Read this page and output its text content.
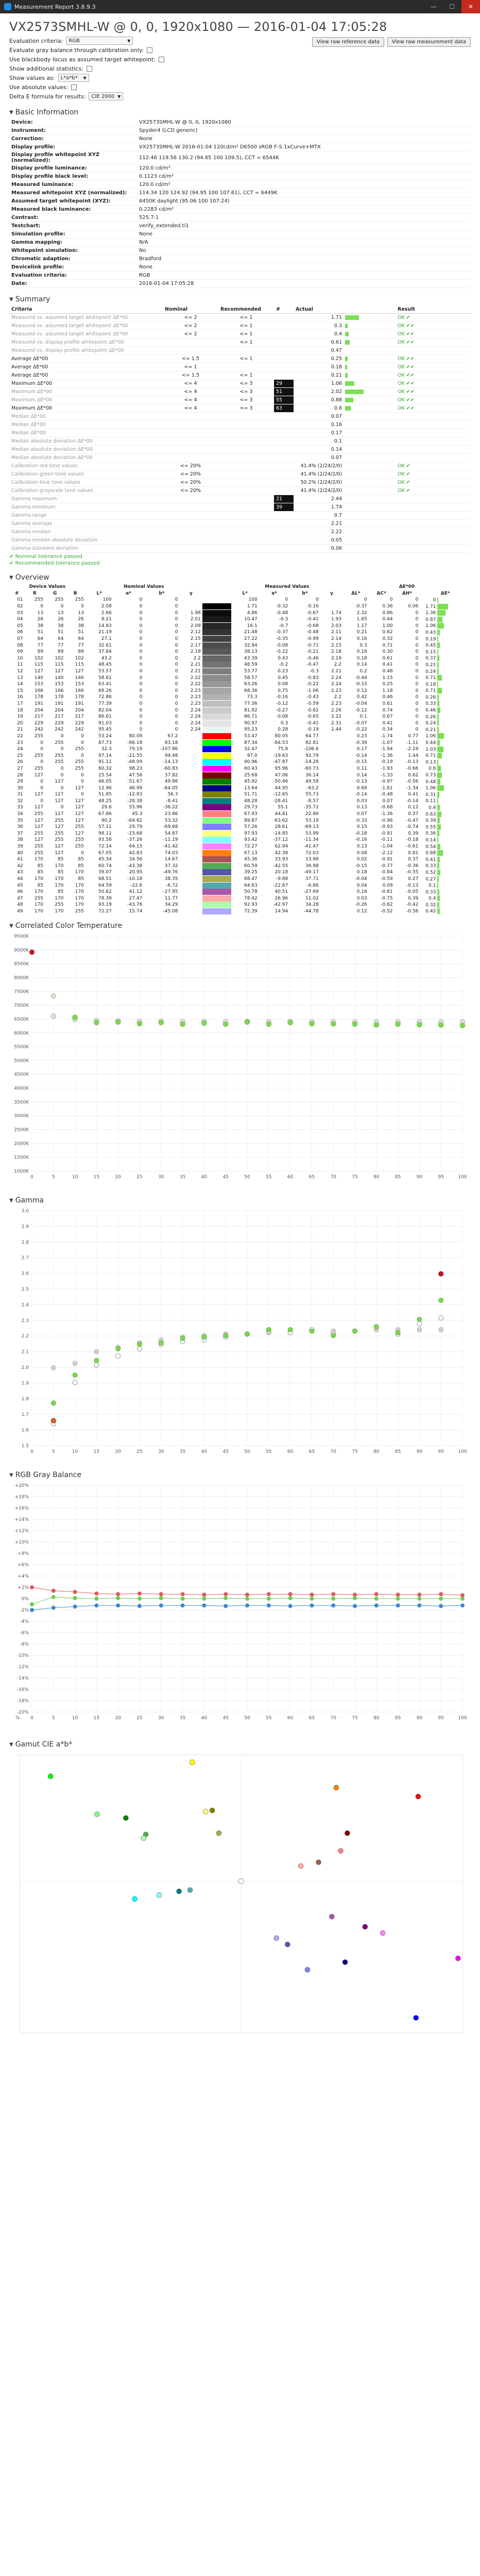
Measurement Report 3.8.9.3	—	☐	✕
VX2573SMHL-W @ 0, 0, 1920x1080 — 2016-01-04 17:05:28
View raw reference data	View raw measurement data
Evaluation criteria: RGB	▼
Evaluate gray balance through calibration only:
Use blackbody locus as assumed target whitepoint:
Show additional statistics:
Show values as: L*a*b* ▼
Use absolute values:
Delta E formula for results: CIE 2000 ▼
▼ Basic Information
Device:	VX2573SMHL-W @ 0, 0, 1920x1080
Instrument:	Spyder4 (LCD generic)
Correction:	None
Display profile:	VX2573SMHL-W 2016-01-04 120cd/m² D6500 sRGB F-S 1xCurve+MTX
Display profile whitepoint XYZ (normalized):	112.46 119.56 130.2 (94.65 100 109.5), CCT = 6544K
Display profile luminance:	120.0 cd/m²
Display profile black level:	0.1123 cd/m²
Measured luminance:	120.0 cd/m²
Measured whitepoint XYZ (normalized):	114.34 120 124.92 (94.95 100 107.61), CCT = 6449K
Assumed target whitepoint (XYZ):	6450K daylight (95.06 100 107.24)
Measured black luminance:	0.2283 cd/m²
Contrast:	525.7:1
Testchart:	verify_extended.ti1
Simulation profile:	None
Gamma mapping:	N/A
Whitepoint simulation:	No
Chromatic adaption:	Bradford
Devicelink profile:	None
Evaluation criteria:	RGB
Date:	2016-01-04 17:05:28
▼ Summary
Criteria	Nominal	Recommended	#	Actual	Result
Measured vs. assumed target whitepoint ΔE*00	<= 2	<= 1		1.71	OK ✔
Measured vs. assumed target whitepoint ΔE*00	<= 2	<= 1		0.3	OK ✔✔
Measured vs. assumed target whitepoint ΔE*00	<= 2	<= 1		0.4	OK ✔✔
Measured vs. display profile whitepoint ΔE*00		<= 1		0.61	OK ✔✔
Measured vs. display profile whitepoint ΔE*00				0.47	
Average ΔE*00	<= 1.5	<= 1		0.25	OK ✔✔
Average ΔE*00	<= 1			0.18	OK ✔✔
Average ΔE*00	<= 1.5	<= 1		0.21	OK ✔✔
Maximum ΔE*00	<= 4	<= 3	29	1.06	OK ✔✔
Maximum ΔE*00	<= 4	<= 3	51	2.02	OK ✔✔
Maximum ΔE*00	<= 4	<= 3	55	0.88	OK ✔✔
Maximum ΔE*00	<= 4	<= 3	63	0.6	OK ✔✔
Median ΔE*00				0.07	
Median ΔE*00				0.16	
Median ΔE*00				0.17	
Median absolute deviation ΔE*00				0.1	
Median absolute deviation ΔE*00				0.14	
Median absolute deviation ΔE*00				0.07	
Calibration red tone values	<= 20%			41.4% (2/24/2/0)	OK ✔
Calibration green tone values	<= 20%			41.4% (2/24/2/0)	OK ✔
Calibration blue tone values	<= 20%			50.2% (2/24/2/0)	OK ✔
Calibration grayscale tone values	<= 20%			41.4% (2/24/2/0)	OK ✔
Gamma maximum			21	2.44	
Gamma minimum			39	1.74	
Gamma range				0.7	
Gamma average				2.21	
Gamma median				2.22	
Gamma median absolute deviation				0.05	
Gamma standard deviation				0.06	
✔ Nominal tolerance passed
✔ Recommended tolerance passed
▼ Overview
Device Values				Nominal Values					Measured Values				ΔE*00			
#	R	G	B	L*	a*	b*	γ		L*	a*	b*	γ	ΔL*	ΔC*	ΔH*	ΔE*
01	255	255	255	100	0	0			100	0	0		0	0	0	0
02	0	0	0	2.08	0	0			1.71	-0.32	-0.16		-0.37	0.36	0.06	1.71
03	13	13	13	2.66	0	0	1.98		4.86	-0.48	-0.67	1.74	2.32	0.86	0	1.36
04	26	26	26	8.21	0	0	2.01		10.47	-0.3	-0.41	1.93	1.65	0.44	0	0.87
05	38	38	38	14.83	0	0	2.09		16.1	-0.7	-0.68	2.03	1.17	1.00	0	1.06
06	51	51	51	21.19	0	0	2.12		21.48	-0.37	-0.48	2.11	0.21	0.62	0	0.43
07	64	64	64	27.1	0	0	2.15		27.22	-0.35	-0.99	2.14	0.16	0.32	0	0.19
08	77	77	77	32.61	0	0	2.17		32.94	-0.08	-0.71	2.15	0.3	0.71	0	0.45
09	89	89	89	37.84	0	0	2.19		38.13	-0.22	-0.21	2.18	0.16	0.30	0	0.15
10	102	102	102	43.2	0	0	2.2		43.39	0.43	-0.46	2.19	0.18	0.61	0	0.37
11	115	115	115	48.45	0	0	2.21		48.59	-0.2	-0.47	2.2	0.14	0.41	0	0.21
12	127	127	127	53.57	0	0	2.21		53.77	0.23	-0.3	2.21	0.2	0.48	0	0.24
13	140	140	140	58.61	0	0	2.22		58.57	0.45	-0.83	2.24	-0.44	1.15	0	0.71
14	153	153	153	63.41	0	0	2.22		63.26	0.08	-0.22	2.24	-0.15	0.25	0	0.18
15	166	166	166	68.26	0	0	2.23		68.36	0.75	-1.06	2.23	0.12	1.18	0	0.71
16	178	178	178	72.86	0	0	2.23		73.3	-0.16	-0.43	2.2	0.42	0.46	0	0.26
17	191	191	191	77.39	0	0	2.23		77.36	-0.12	-0.59	2.23	-0.04	0.61	0	0.33
18	204	204	204	82.04	0	0	2.24		81.92	-0.27	-0.62	2.26	-0.12	0.74	0	0.46
19	217	217	217	86.61	0	0	2.24		86.71	-0.08	-0.65	2.22	0.1	0.67	0	0.26
20	229	229	229	91.03	0	0	2.24		90.97	0.3	-0.41	2.31	-0.07	0.41	0	0.24
21	242	242	242	95.45	0	0	2.24		95.23	0.28	-0.19	2.44	-0.22	0.34	0	0.21
22	255	0	0	53.24	80.09	67.2			53.47	80.05	64.77		0.23	-1.74	0.77	1.06
23	0	255	0	87.73	-86.18	83.18			87.34	-84.53	82.81		-0.39	-1.07	-1.11	0.44
24	0	0	255	32.3	79.19	-107.86			32.47	75.8	-106.6		0.17	-1.94	-2.19	1.03
25	255	255	0	97.14	-21.55	94.48			97.0	-19.63	92.79		-0.14	-1.36	1.44	0.71
26	0	255	255	91.11	-48.09	-14.13			90.96	-47.87	-14.28		-0.15	-0.19	-0.13	0.13
27	255	0	255	60.32	98.23	-60.83			60.43	95.96	-60.73		0.11	-1.93	-0.66	0.6
28	127	0	0	25.54	47.56	37.82			25.68	47.06	36.14		0.14	-1.33	0.62	0.73
29	0	127	0	46.05	-51.67	49.86			45.92	-50.46	49.58		-0.13	-0.97	-0.56	0.48
30	0	0	127	12.96	46.99	-64.05			13.64	44.95	-63.2		0.68	-1.61	-1.34	1.06
31	127	127	0	51.85	-12.93	56.3			51.71	-12.65	55.73		-0.14	-0.48	0.41	0.31
32	0	127	127	48.25	-28.38	-8.41			48.28	-28.41	-8.57		0.03	0.07	-0.14	0.11
33	127	0	127	29.6	55.96	-36.22			29.73	55.1	-35.72		0.13	-0.68	0.12	0.4
34	255	127	127	67.86	45.3	23.86			67.93	44.41	22.86		0.07	-1.36	0.37	0.63
35	127	255	127	90.2	-64.82	53.32			89.87	-63.62	53.19		-0.33	-0.96	-0.47	0.39
36	127	127	255	57.11	29.79	-69.68			57.26	28.61	-69.13		0.15	-0.93	-0.74	0.55
37	255	255	127	98.11	-15.68	54.87			97.93	-14.85	53.99		-0.18	-0.91	0.39	0.36
38	127	255	255	93.58	-37.26	-11.19			93.42	-37.12	-11.34		-0.16	-0.11	-0.18	0.14
39	255	127	255	72.14	64.15	-41.42			72.27	62.94	-41.47		0.13	-1.04	-0.61	0.54
40	255	127	0	67.05	42.83	74.03			67.13	42.38	72.03		0.08	-2.12	0.81	0.88
41	170	85	85	45.34	34.56	14.67			45.36	33.93	13.98		0.02	-0.91	0.37	0.41
42	85	170	85	60.74	-43.38	37.32			60.59	-42.55	36.98		-0.15	-0.77	-0.36	0.33
43	85	85	170	39.07	20.95	-49.76			39.25	20.18	-49.17		0.18	-0.84	-0.55	0.52
44	170	170	85	68.51	-10.18	38.35			68.47	-9.88	37.71		-0.04	-0.59	0.27	0.27
45	85	170	170	64.59	-22.6	-6.72			64.63	-22.67	-6.86		0.04	0.09	-0.13	0.1
46	170	85	170	50.62	41.12	-27.95			50.78	40.51	-27.69		0.16	-0.61	-0.05	0.33
47	255	170	170	78.39	27.47	11.77			78.42	26.96	11.02		0.03	-0.75	0.39	0.4
48	170	255	170	93.19	-43.76	34.29			92.93	-42.97	34.28		-0.26	-0.62	-0.42	0.32
49	170	170	255	72.27	15.74	-45.08			72.39	14.94	-44.78		0.12	-0.52	-0.56	0.42
▼ Correlated Color Temperature
9500K
9000K
8500K
8000K
7500K
7000K
6500K
6000K
5500K
5000K
4500K
4000K
3500K
3000K
2500K
2000K
1500K
1000K
0	5	10	15	20	25	30	35	40	45	50	55	60	65	70	75	80	85	90	95	100
▼ Gamma
3.0
2.9
2.8
2.7
2.6
2.5
2.4
2.3
2.2
2.1
2.0
1.9
1.8
1.7
1.6
1.5
0	5	10	15	20	25	30	35	40	45	50	55	60	65	70	75	80	85	90	95	100
▼ RGB Gray Balance
+20%
+18%
+16%
+14%
+12%
+10%
+8%
+6%
+4%
+2%
0%
-2%
-4%
-6%
-8%
-10%
-12%
-14%
-16%
-18%
-20%
0	5	10	15	20	25	30	35	40	45	50	55	60	65	70	75	80	85	90	95	100
%
▼ Gamut CIE a*b*
